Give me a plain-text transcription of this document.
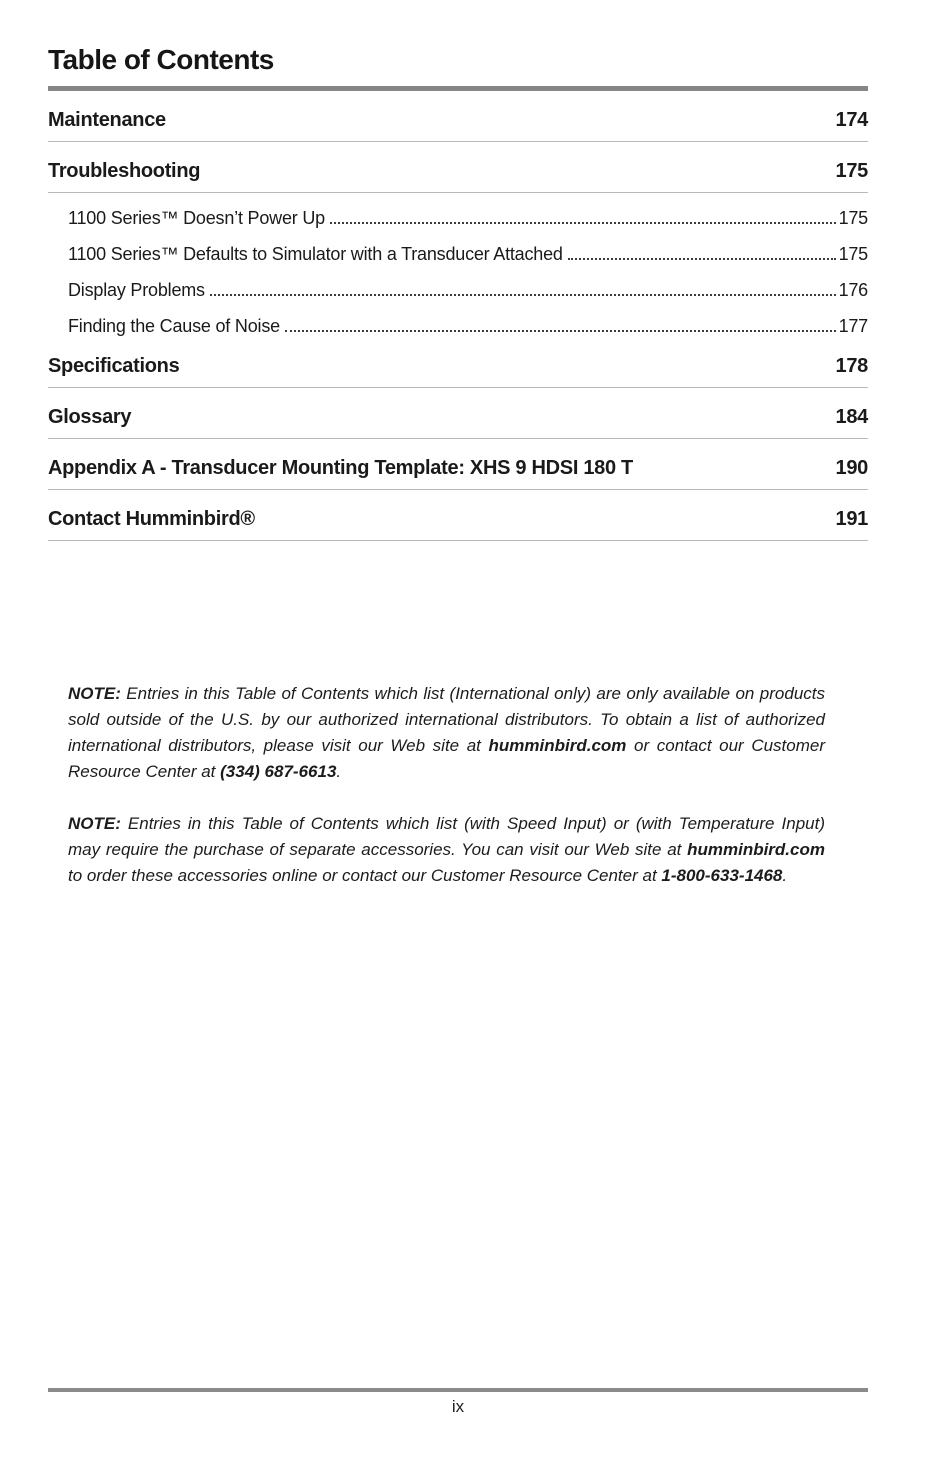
Table of Contents
Maintenance	174
Troubleshooting	175
1100 Series™ Doesn’t Power Up	175
1100 Series™ Defaults to Simulator with a Transducer Attached	175
Display Problems	176
Finding the Cause of Noise	177
Specifications	178
Glossary	184
Appendix A - Transducer Mounting Template: XHS 9 HDSI 180 T	190
Contact Humminbird®	191

NOTE: Entries in this Table of Contents which list (International only) are only available on products sold outside of the U.S. by our authorized international distributors. To obtain a list of authorized international distributors, please visit our Web site at humminbird.com or contact our Customer Resource Center at (334) 687-6613.

NOTE: Entries in this Table of Contents which list (with Speed Input) or (with Temperature Input) may require the purchase of separate accessories. You can visit our Web site at humminbird.com to order these accessories online or contact our Customer Resource Center at 1-800-633-1468.

ix
